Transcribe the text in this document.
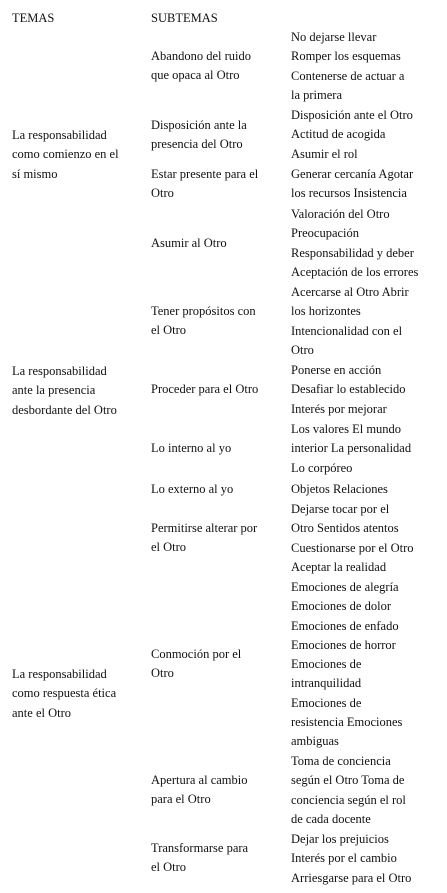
TEMAS	SUBTEMAS
La responsabilidad
como comienzo en el
sí mismo
La responsabilidad
ante la presencia
desbordante del Otro
La responsabilidad
como respuesta ética
ante el Otro
Abandono del ruido
que opaca al Otro
No dejarse llevar
Romper los esquemas
Contenerse de actuar a
la primera
Disposición ante la
presencia del Otro
Disposición ante el Otro
Actitud de acogida
Asumir el rol
Estar presente para el
Otro
Generar cercanía Agotar
los recursos Insistencia
Asumir al Otro
Valoración del Otro
Preocupación
Responsabilidad y deber
Aceptación de los errores
Tener propósitos con
el Otro
Acercarse al Otro Abrir
los horizontes
Intencionalidad con el
Otro
Proceder para el Otro
Ponerse en acción
Desafiar lo establecido
Interés por mejorar
Lo interno al yo
Los valores El mundo
interior La personalidad
Lo corpóreo
Lo externo al yo	Objetos Relaciones
Permitirse alterar por
el Otro
Dejarse tocar por el
Otro Sentidos atentos
Cuestionarse por el Otro
Aceptar la realidad
Conmoción por el
Otro
Emociones de alegría
Emociones de dolor
Emociones de enfado
Emociones de horror
Emociones de
intranquilidad
Emociones de
resistencia Emociones
ambiguas
Apertura al cambio
para el Otro
Toma de conciencia
según el Otro Toma de
conciencia según el rol
de cada docente
Transformarse para
el Otro
Dejar los prejuicios
Interés por el cambio
Arriesgarse para el Otro
